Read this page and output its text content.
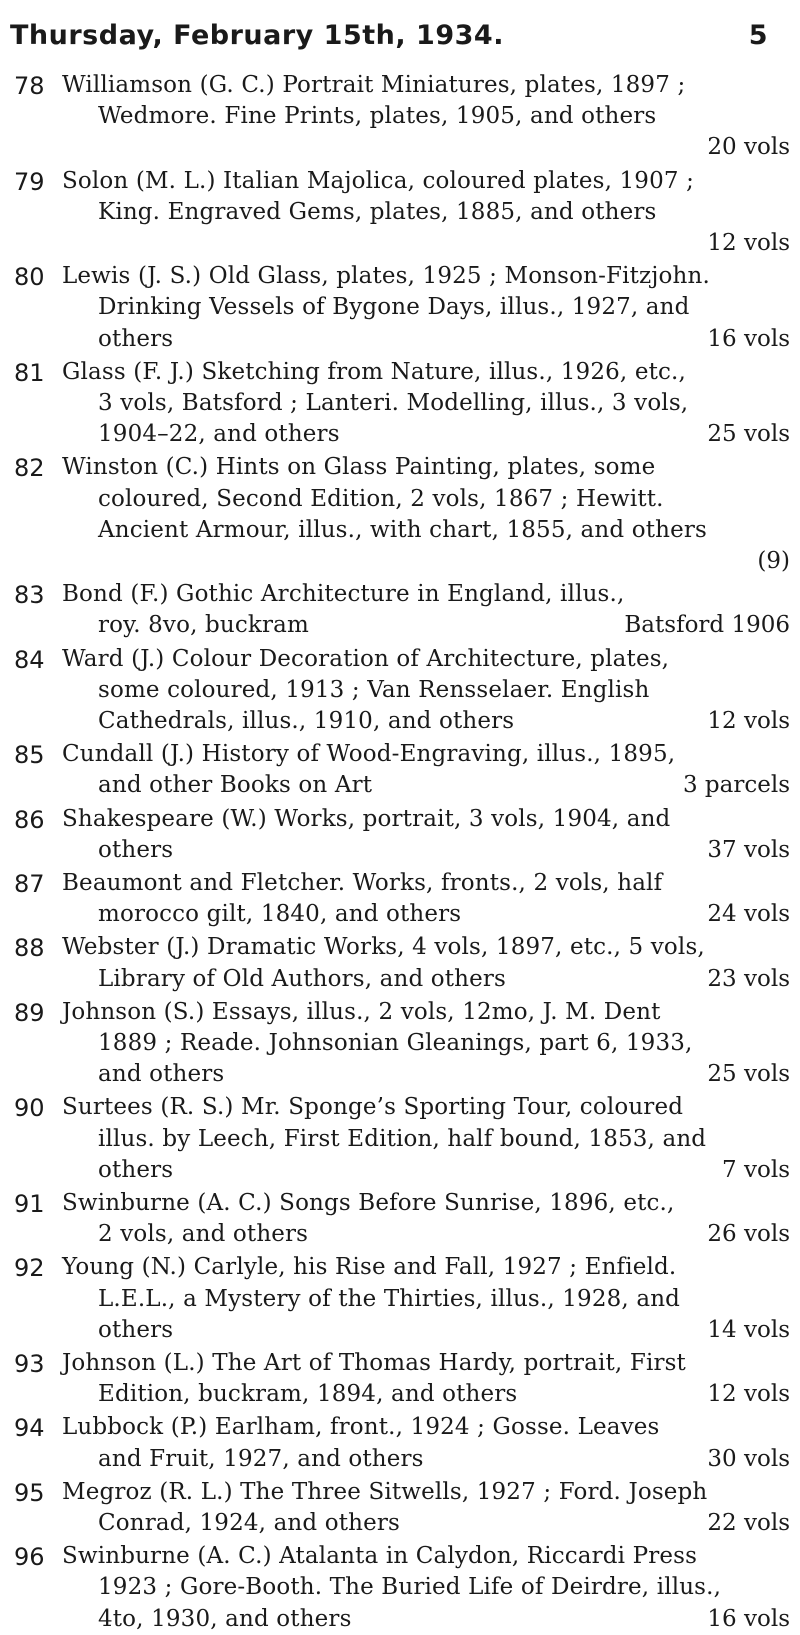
Thursday, February 15th, 1934.	5
78 Williamson (G. C.) Portrait Miniatures, plates, 1897 ;
Wedmore. Fine Prints, plates, 1905, and others
20 vols
79 Solon (M. L.) Italian Majolica, coloured plates, 1907 ;
King. Engraved Gems, plates, 1885, and others
12 vols
80 Lewis (J. S.) Old Glass, plates, 1925 ; Monson-Fitzjohn.
Drinking Vessels of Bygone Days, illus., 1927, and
others	16 vols
81 Glass (F. J.) Sketching from Nature, illus., 1926, etc.,
3 vols, Batsford ; Lanteri. Modelling, illus., 3 vols,
1904–22, and others	25 vols
82 Winston (C.) Hints on Glass Painting, plates, some
coloured, Second Edition, 2 vols, 1867 ; Hewitt.
Ancient Armour, illus., with chart, 1855, and others
(9)
83 Bond (F.) Gothic Architecture in England, illus.,
roy. 8vo, buckram	Batsford 1906
84 Ward (J.) Colour Decoration of Architecture, plates,
some coloured, 1913 ; Van Rensselaer. English
Cathedrals, illus., 1910, and others	12 vols
85 Cundall (J.) History of Wood-Engraving, illus., 1895,
and other Books on Art	3 parcels
86 Shakespeare (W.) Works, portrait, 3 vols, 1904, and
others	37 vols
87 Beaumont and Fletcher. Works, fronts., 2 vols, half
morocco gilt, 1840, and others	24 vols
88 Webster (J.) Dramatic Works, 4 vols, 1897, etc., 5 vols,
Library of Old Authors, and others	23 vols
89 Johnson (S.) Essays, illus., 2 vols, 12mo, J. M. Dent
1889 ; Reade. Johnsonian Gleanings, part 6, 1933,
and others	25 vols
90 Surtees (R. S.) Mr. Sponge’s Sporting Tour, coloured
illus. by Leech, First Edition, half bound, 1853, and
others	7 vols
91 Swinburne (A. C.) Songs Before Sunrise, 1896, etc.,
2 vols, and others	26 vols
92 Young (N.) Carlyle, his Rise and Fall, 1927 ; Enfield.
L.E.L., a Mystery of the Thirties, illus., 1928, and
others	14 vols
93 Johnson (L.) The Art of Thomas Hardy, portrait, First
Edition, buckram, 1894, and others	12 vols
94 Lubbock (P.) Earlham, front., 1924 ; Gosse. Leaves
and Fruit, 1927, and others	30 vols
95 Megroz (R. L.) The Three Sitwells, 1927 ; Ford. Joseph
Conrad, 1924, and others	22 vols
96 Swinburne (A. C.) Atalanta in Calydon, Riccardi Press
1923 ; Gore-Booth. The Buried Life of Deirdre, illus.,
4to, 1930, and others	16 vols
